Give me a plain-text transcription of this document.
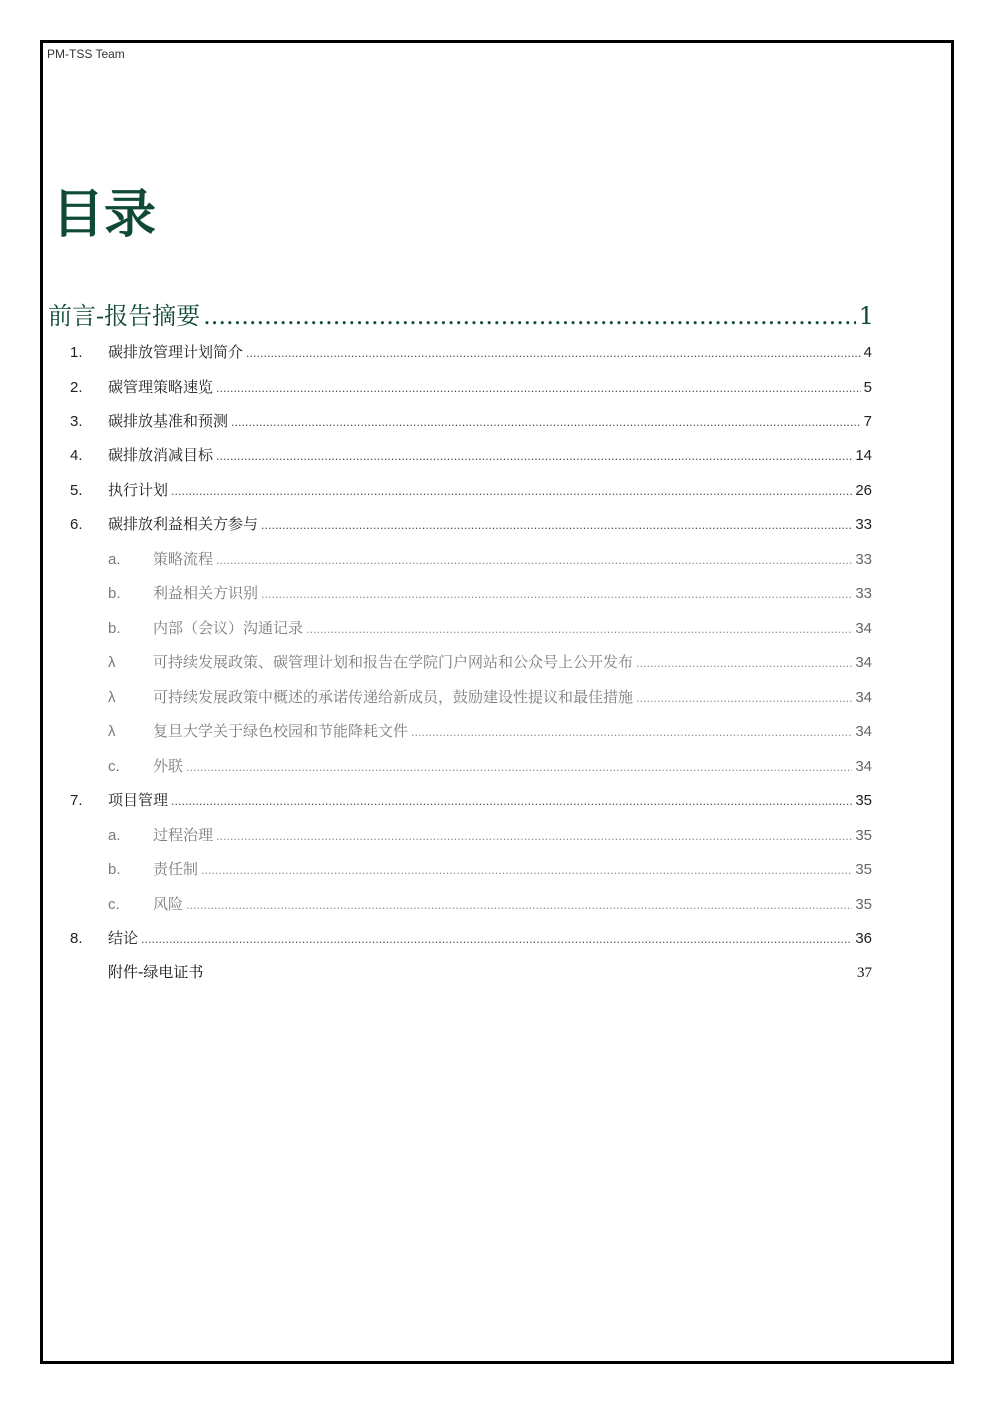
PM-TSS Team
目录
前言-报告摘要 .....	1
1.	碳排放管理计划简介 .....	4
2.	碳管理策略速览 .....	5
3.	碳排放基准和预测 .....	7
4.	碳排放消减目标 .....	14
5.	执行计划 .....	26
6.	碳排放利益相关方参与 .....	33
a.	策略流程 .....	33
b.	利益相关方识别 .....	33
b.	内部（会议）沟通记录 .....	34
λ	可持续发展政策、碳管理计划和报告在学院门户网站和公众号上公开发布 .....	34
λ	可持续发展政策中概述的承诺传递给新成员，鼓励建设性提议和最佳措施 .....	34
λ	复旦大学关于绿色校园和节能降耗文件 .....	34
c.	外联 .....	34
7.	项目管理 .....	35
a.	过程治理 .....	35
b.	责任制 .....	35
c.	风险 .....	35
8.	结论 .....	36
附件-绿电证书	37
